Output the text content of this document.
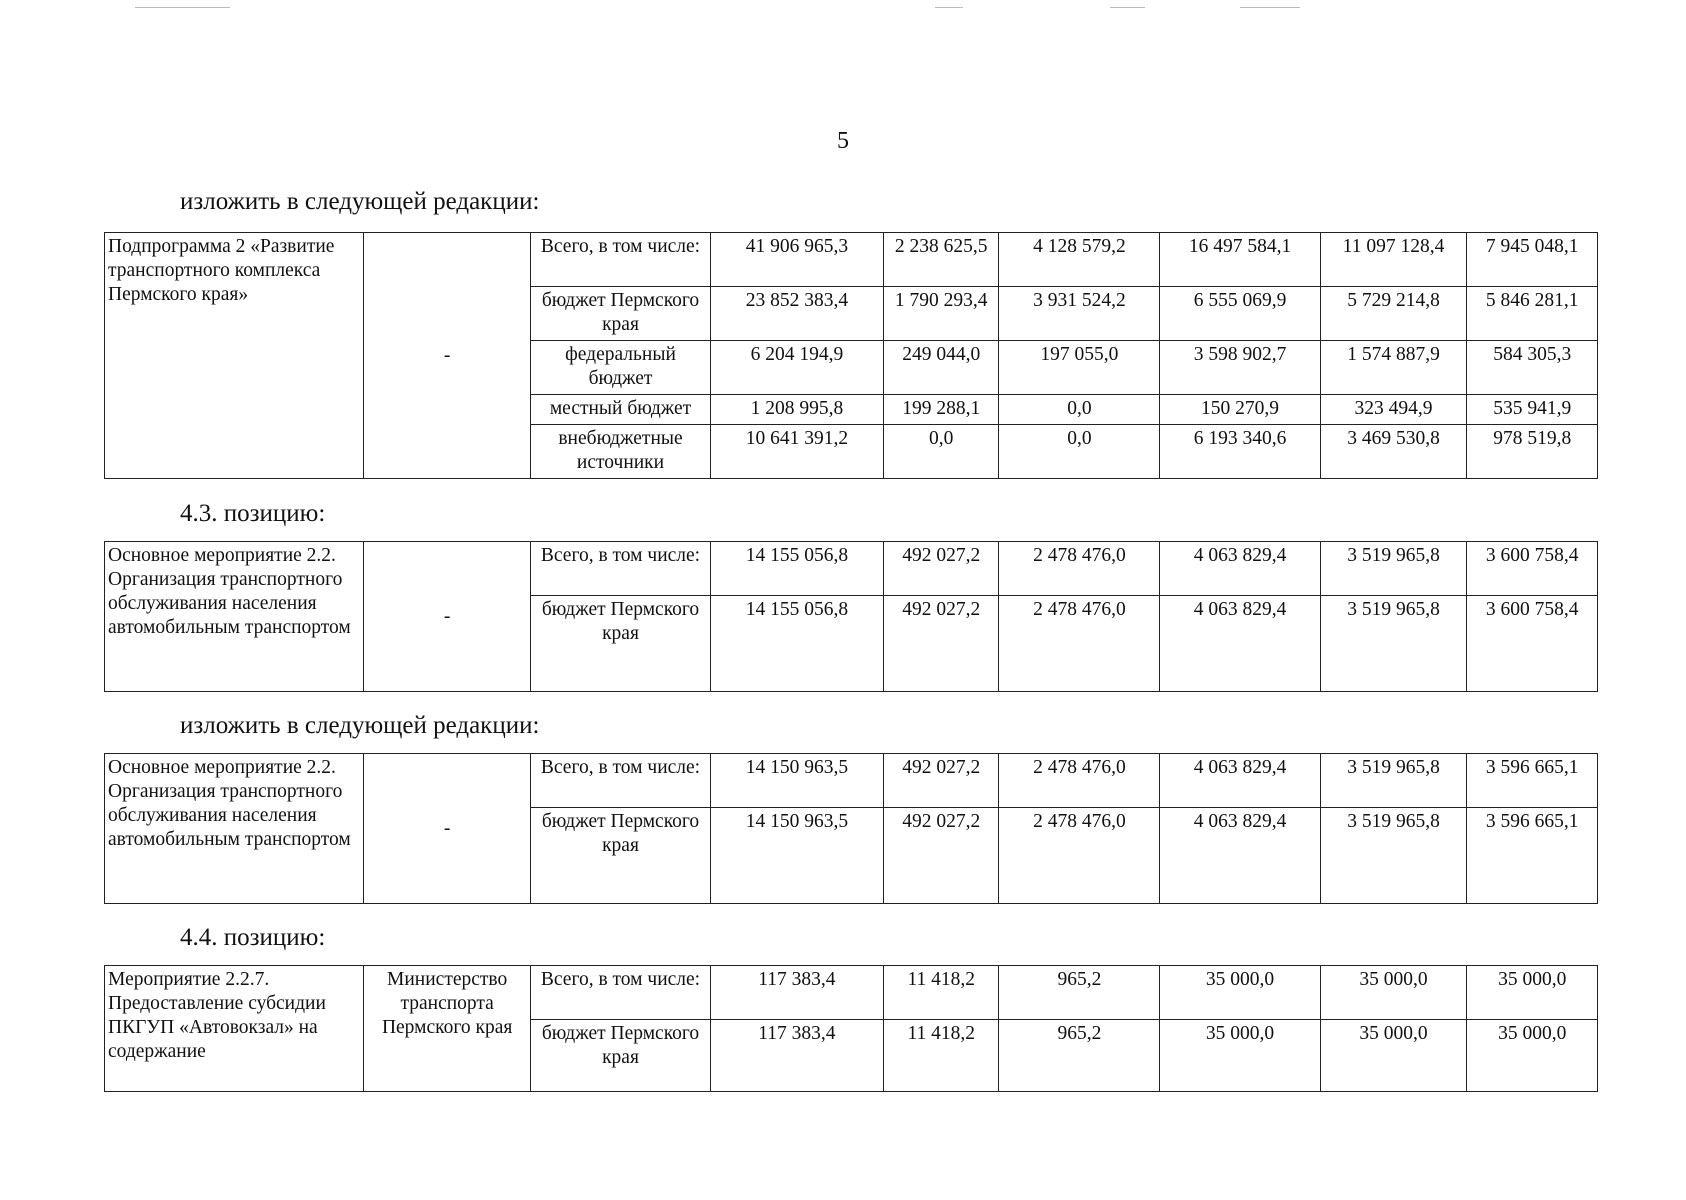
5
изложить в следующей редакции:
Подпрограмма 2 «Развитие транспортного комплекса Пермского края»	-	Всего, в том числе:	41 906 965,3	2 238 625,5	4 128 579,2	16 497 584,1	11 097 128,4	7 945 048,1
		бюджет Пермского края	23 852 383,4	1 790 293,4	3 931 524,2	6 555 069,9	5 729 214,8	5 846 281,1
		федеральный бюджет	6 204 194,9	249 044,0	197 055,0	3 598 902,7	1 574 887,9	584 305,3
		местный бюджет	1 208 995,8	199 288,1	0,0	150 270,9	323 494,9	535 941,9
		внебюджетные источники	10 641 391,2	0,0	0,0	6 193 340,6	3 469 530,8	978 519,8
4.3. позицию:
Основное мероприятие 2.2. Организация транспортного обслуживания населения автомобильным транспортом	-	Всего, в том числе:	14 155 056,8	492 027,2	2 478 476,0	4 063 829,4	3 519 965,8	3 600 758,4
		бюджет Пермского края	14 155 056,8	492 027,2	2 478 476,0	4 063 829,4	3 519 965,8	3 600 758,4
изложить в следующей редакции:
Основное мероприятие 2.2. Организация транспортного обслуживания населения автомобильным транспортом	-	Всего, в том числе:	14 150 963,5	492 027,2	2 478 476,0	4 063 829,4	3 519 965,8	3 596 665,1
		бюджет Пермского края	14 150 963,5	492 027,2	2 478 476,0	4 063 829,4	3 519 965,8	3 596 665,1
4.4. позицию:
Мероприятие 2.2.7. Предоставление субсидии ПКГУП «Автовокзал» на содержание	Министерство транспорта Пермского края	Всего, в том числе:	117 383,4	11 418,2	965,2	35 000,0	35 000,0	35 000,0
		бюджет Пермского края	117 383,4	11 418,2	965,2	35 000,0	35 000,0	35 000,0
